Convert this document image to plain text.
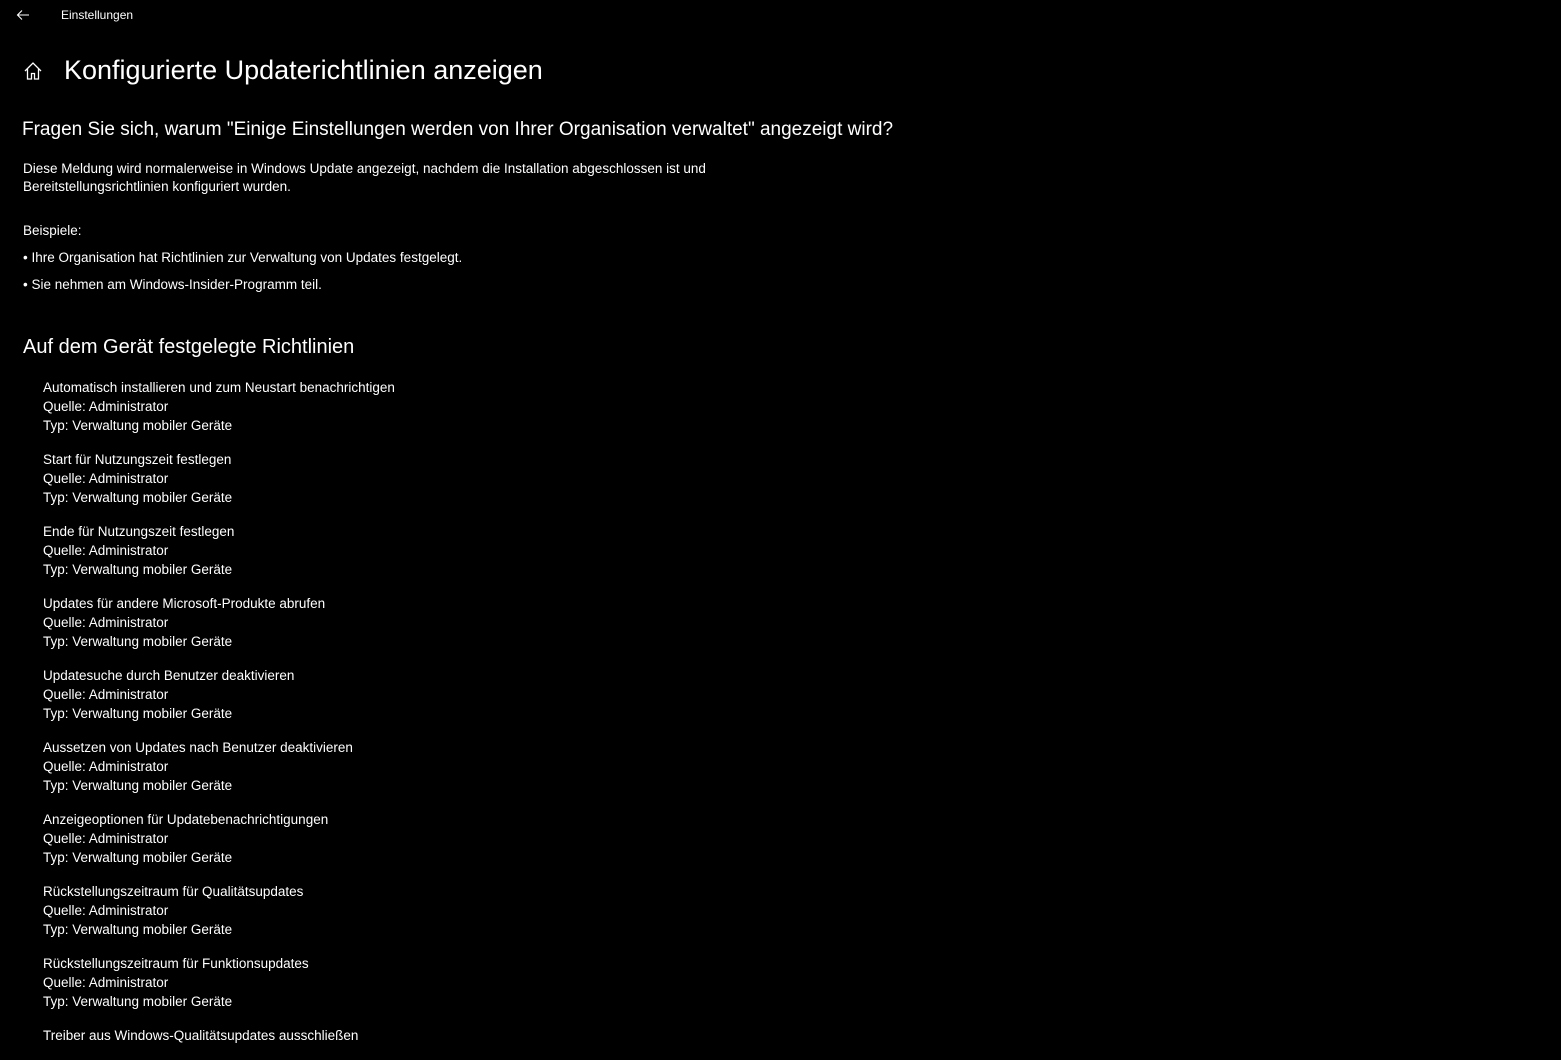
Einstellungen
Konfigurierte Updaterichtlinien anzeigen
Fragen Sie sich, warum "Einige Einstellungen werden von Ihrer Organisation verwaltet" angezeigt wird?
Diese Meldung wird normalerweise in Windows Update angezeigt, nachdem die Installation abgeschlossen ist und Bereitstellungsrichtlinien konfiguriert wurden.
Beispiele:
• Ihre Organisation hat Richtlinien zur Verwaltung von Updates festgelegt.
• Sie nehmen am Windows-Insider-Programm teil.
Auf dem Gerät festgelegte Richtlinien
Automatisch installieren und zum Neustart benachrichtigen
Quelle: Administrator
Typ: Verwaltung mobiler Geräte
Start für Nutzungszeit festlegen
Quelle: Administrator
Typ: Verwaltung mobiler Geräte
Ende für Nutzungszeit festlegen
Quelle: Administrator
Typ: Verwaltung mobiler Geräte
Updates für andere Microsoft-Produkte abrufen
Quelle: Administrator
Typ: Verwaltung mobiler Geräte
Updatesuche durch Benutzer deaktivieren
Quelle: Administrator
Typ: Verwaltung mobiler Geräte
Aussetzen von Updates nach Benutzer deaktivieren
Quelle: Administrator
Typ: Verwaltung mobiler Geräte
Anzeigeoptionen für Updatebenachrichtigungen
Quelle: Administrator
Typ: Verwaltung mobiler Geräte
Rückstellungszeitraum für Qualitätsupdates
Quelle: Administrator
Typ: Verwaltung mobiler Geräte
Rückstellungszeitraum für Funktionsupdates
Quelle: Administrator
Typ: Verwaltung mobiler Geräte
Treiber aus Windows-Qualitätsupdates ausschließen
